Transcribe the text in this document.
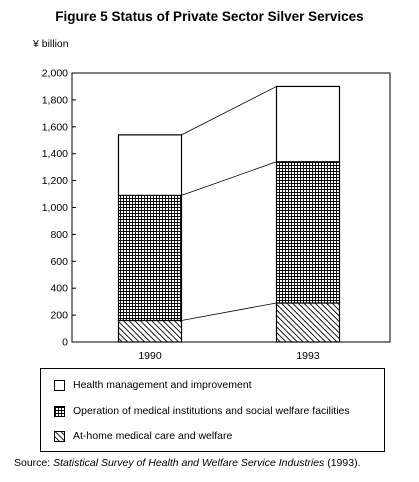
Figure 5 Status of Private Sector Silver Services
¥ billion
0
200
400
600
800
1,000
1,200
1,400
1,600
1,800
2,000
1990	1993
Health management and improvement
Operation of medical institutions and social welfare facilities
At-home medical care and welfare
Source: Statistical Survey of Health and Welfare Service Industries (1993).
